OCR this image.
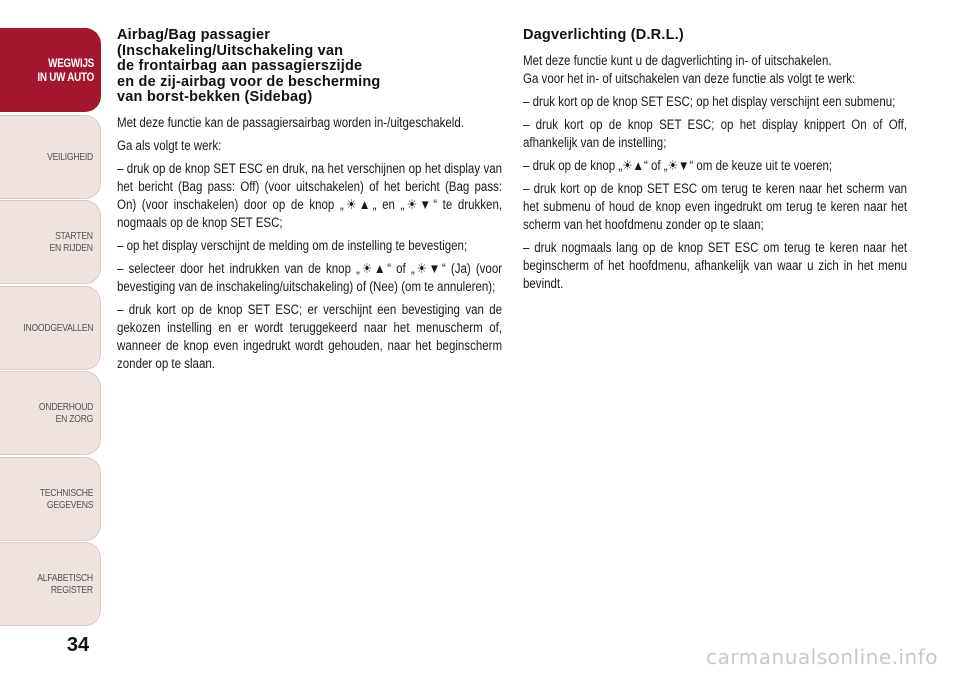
WEGWIJS
IN UW AUTO
VEILIGHEID
STARTEN
EN RIJDEN
INOODGEVALLEN
ONDERHOUD
EN ZORG
TECHNISCHE
GEGEVENS
ALFABETISCH
REGISTER
34
Airbag/Bag passagier
(Inschakeling/Uitschakeling van
de frontairbag aan passagierszijde
en de zij-airbag voor de bescherming
van borst-bekken (Sidebag)
Met deze functie kan de passagiersairbag worden in-/uitgeschakeld.
Ga als volgt te werk:
– druk op de knop SET ESC en druk, na het verschijnen op het display van het bericht (Bag pass: Off) (voor uitschakelen) of het bericht (Bag pass: On) (voor inschakelen) door op de knop „☀▲„ en „☀▼“ te drukken, nogmaals op de knop SET ESC;
– op het display verschijnt de melding om de instelling te bevestigen;
– selecteer door het indrukken van de knop „☀▲“ of „☀▼“ (Ja) (voor bevestiging van de inschakeling/uitschakeling) of (Nee) (om te annuleren);
– druk kort op de knop SET ESC; er verschijnt een bevestiging van de gekozen instelling en er wordt teruggekeerd naar het menuscherm of, wanneer de knop even ingedrukt wordt gehouden, naar het beginscherm zonder op te slaan.
Dagverlichting (D.R.L.)
Met deze functie kunt u de dagverlichting in- of uitschakelen.
Ga voor het in- of uitschakelen van deze functie als volgt te werk:
– druk kort op de knop SET ESC; op het display verschijnt een submenu;
– druk kort op de knop SET ESC; op het display knippert On of Off, afhankelijk van de instelling;
– druk op de knop „☀▲“ of „☀▼“ om de keuze uit te voeren;
– druk kort op de knop SET ESC om terug te keren naar het scherm van het submenu of houd de knop even ingedrukt om terug te keren naar het scherm van het hoofdmenu zonder op te slaan;
– druk nogmaals lang op de knop SET ESC om terug te keren naar het beginscherm of het hoofdmenu, afhankelijk van waar u zich in het menu bevindt.
carmanualsonline.info
